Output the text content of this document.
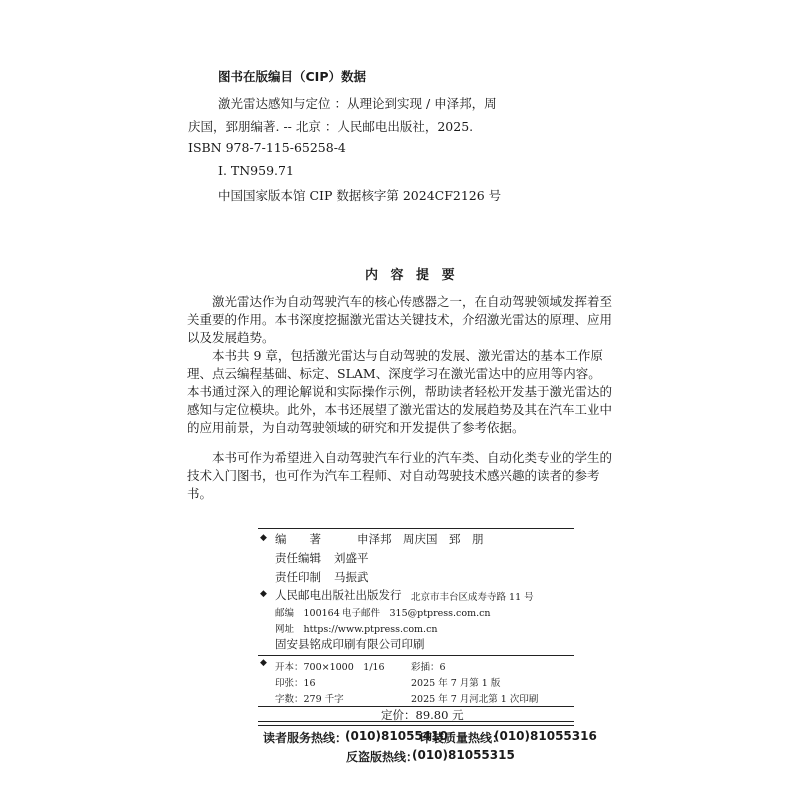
图书在版编目（CIP）数据
激光雷达感知与定位 ：从理论到实现 / 申泽邦，周
庆国，郅朋编著. -- 北京 ：人民邮电出版社，2025.
ISBN 978-7-115-65258-4
Ⅰ. TN959.71
中国国家版本馆 CIP 数据核字第 2024CF2126 号
内 容 提 要

激光雷达作为自动驾驶汽车的核心传感器之一，在自动驾驶领域发挥着至关重要的作用。本书深度挖掘激光雷达关键技术，介绍激光雷达的原理、应用以及发展趋势。

本书共 9 章，包括激光雷达与自动驾驶的发展、激光雷达的基本工作原理、点云编程基础、标定、SLAM、深度学习在激光雷达中的应用等内容。本书通过深入的理论解说和实际操作示例，帮助读者轻松开发基于激光雷达的感知与定位模块。此外，本书还展望了激光雷达的发展趋势及其在汽车工业中的应用前景，为自动驾驶领域的研究和开发提供了参考依据。

本书可作为希望进入自动驾驶汽车行业的汽车类、自动化类专业的学生的技术入门图书，也可作为汽车工程师、对自动驾驶技术感兴趣的读者的参考书。

◆ 编　　著	申泽邦　周庆国　郅　朋
责任编辑 刘盛平
责任印制 马振武
◆ 人民邮电出版社出版发行 北京市丰台区成寿寺路 11 号
邮编　100164 电子邮件　315@ptpress.com.cn
网址　https://www.ptpress.com.cn
固安县铭成印刷有限公司印刷
◆ 开本：700×1000　1/16	彩插：6
印张：16	2025 年 7 月第 1 版
字数：279 千字	2025 年 7 月河北第 1 次印刷
定价：89.80 元
读者服务热线：
(010)81055410
印装质量热线：
(010)81055316
反盗版热线：
(010)81055315
